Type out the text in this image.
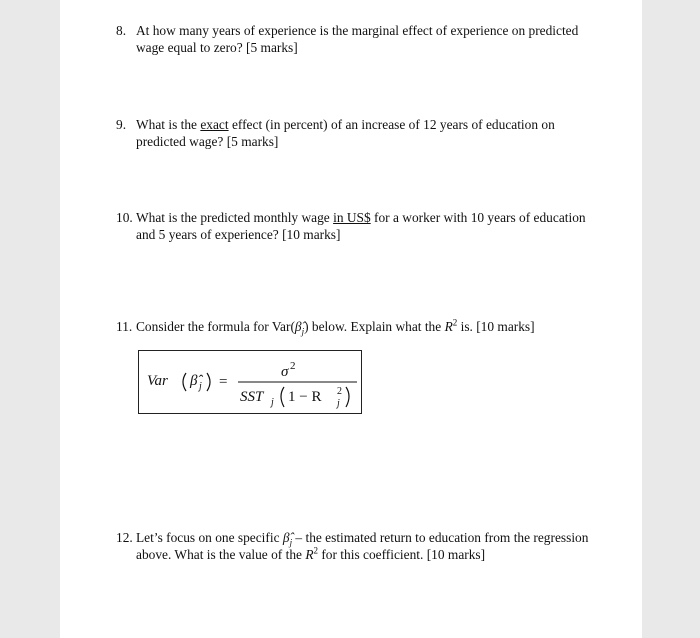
8. At how many years of experience is the marginal effect of experience on predicted
wage equal to zero? [5 marks]
9. What is the exact effect (in percent) of an increase of 12 years of education on
predicted wage? [5 marks]
10. What is the predicted monthly wage in US$ for a worker with 10 years of education
and 5 years of experience? [10 marks]
11. Consider the formula for $Var(\betâ_j)$ below. Explain what the $R^2$ is. [10 marks]
Var β̂ j =
σ 2
SST j 1 − R 2
j
12. Let’s focus on one specific $\betâ_j$ – the estimated return to education from the regression
above. What is the value of the $R^2$ for this coefficient. [10 marks]
